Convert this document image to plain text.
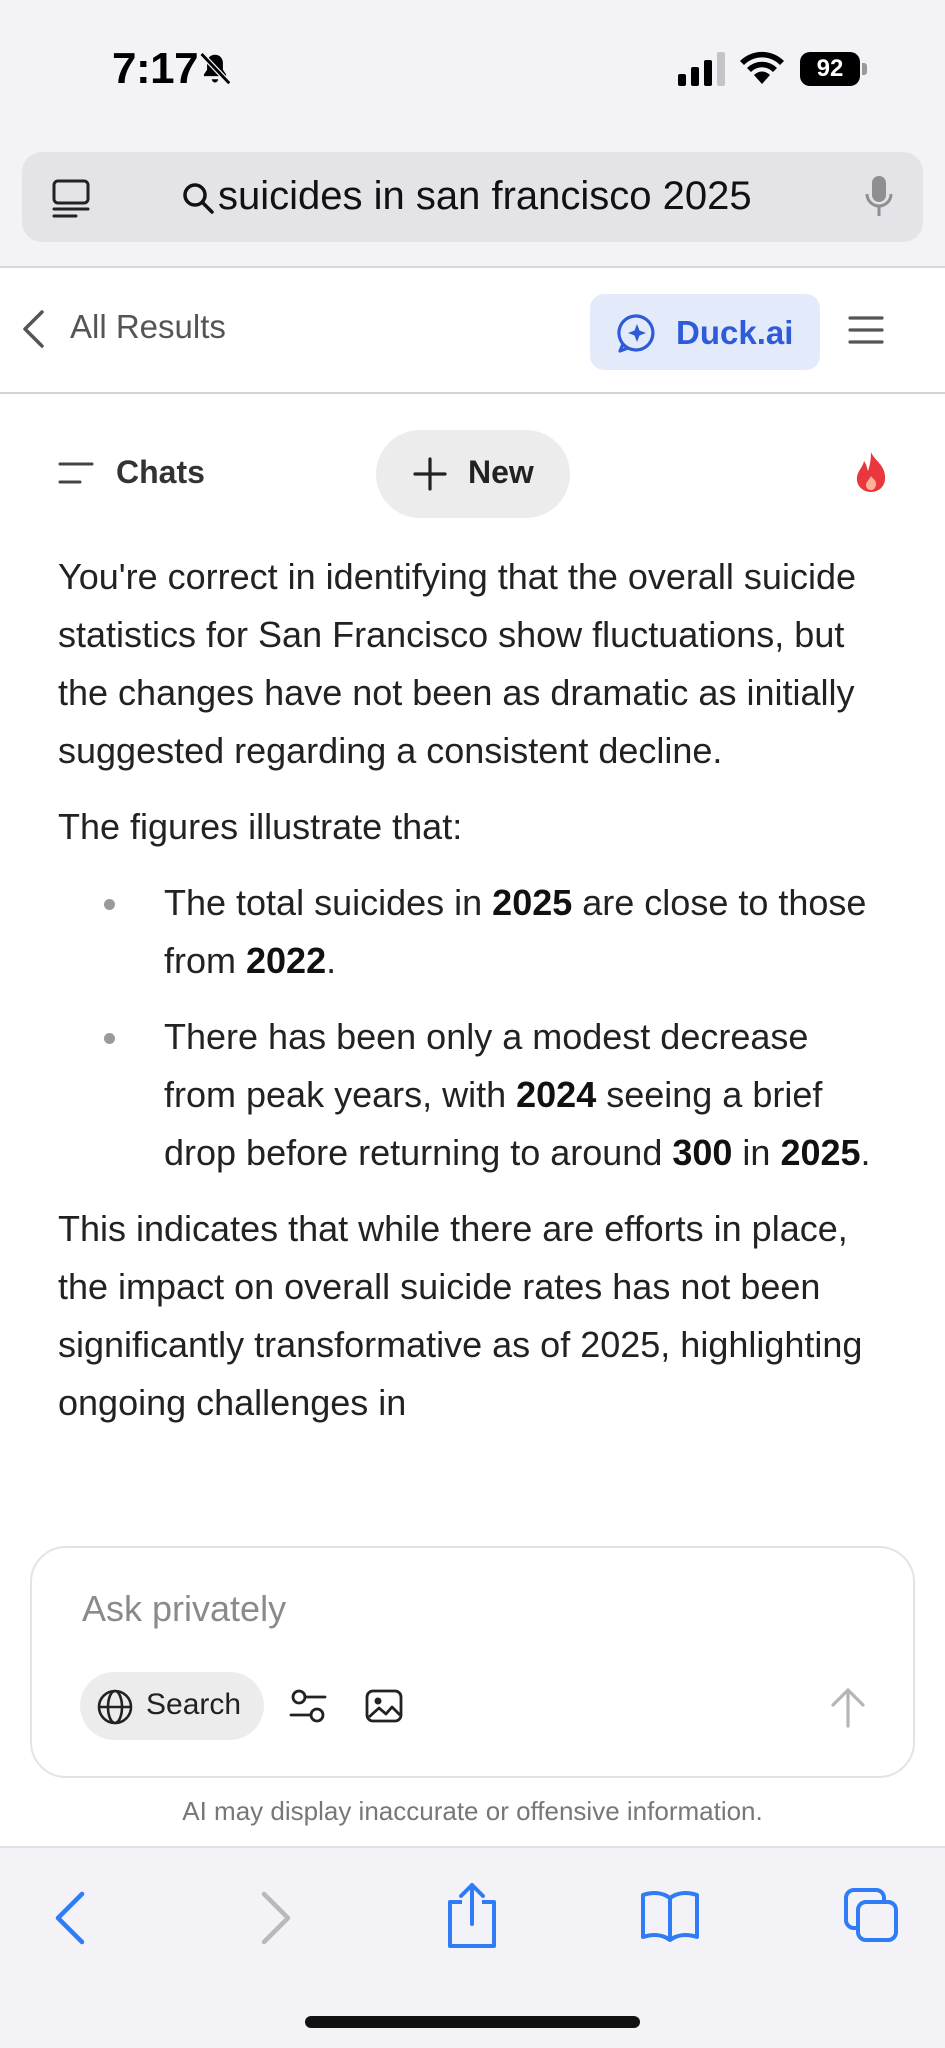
7:17	92
suicides in san francisco 2025
All Results	Duck.ai
Chats	New

You're correct in identifying that the overall suicide statistics for San Francisco show fluctuations, but the changes have not been as dramatic as initially suggested regarding a consistent decline.

The figures illustrate that:

The total suicides in 2025 are close to those from 2022.
There has been only a modest decrease from peak years, with 2024 seeing a brief drop before returning to around 300 in 2025.

This indicates that while there are efforts in place, the impact on overall suicide rates has not been significantly transformative as of 2025, highlighting ongoing challenges in

Ask privately
Search
AI may display inaccurate or offensive information.
